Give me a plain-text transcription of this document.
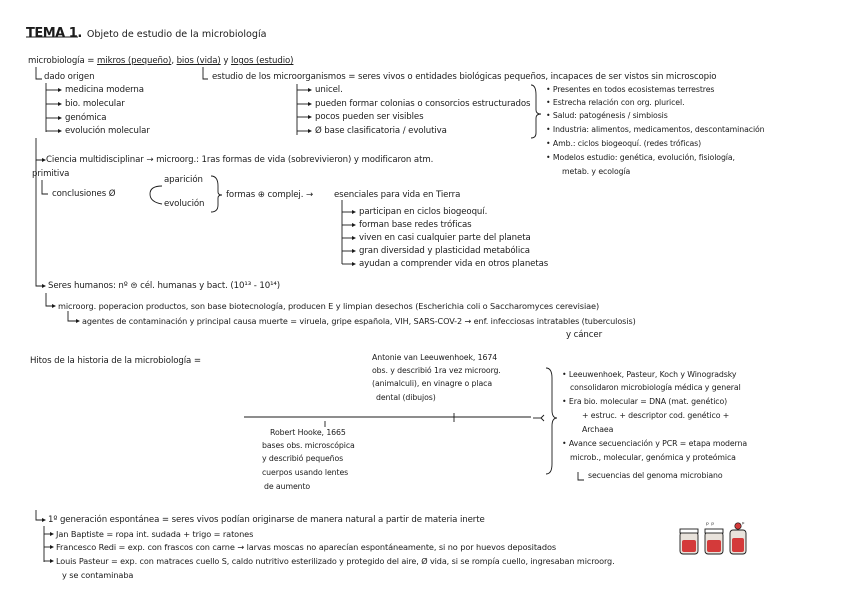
TEMA 1. Objeto de estudio de la microbiología
microbiología = mikros (pequeño), bios (vida) y logos (estudio)
dado origen	estudio de los microorganismos = seres vivos o entidades biológicas pequeños, incapaces de ser vistos sin microscopio
medicina moderna
bio. molecular
genómica
evolución molecular
unicel.
pueden formar colonias o consorcios estructurados
pocos pueden ser visibles
Ø base clasificatoria / evolutiva
• Presentes en todos ecosistemas terrestres
• Estrecha relación con org. pluricel.
• Salud: patogénesis / simbiosis
• Industria: alimentos, medicamentos, descontaminación
• Amb.: ciclos biogeoquí. (redes tróficas)
• Modelos estudio: genética, evolución, fisiología,
metab. y ecología
Ciencia multidisciplinar → microorg.: 1ras formas de vida (sobrevivieron) y modificaron atm.
primitiva
conclusiones Ø
aparición
evolución
formas ⊕ complej. → esenciales para vida en Tierra
participan en ciclos biogeoquí.
forman base redes tróficas
viven en casi cualquier parte del planeta
gran diversidad y plasticidad metabólica
ayudan a comprender vida en otros planetas
Seres humanos: nº ⊜ cél. humanas y bact. (10¹³ - 10¹⁴)
microorg. poperacion productos, son base biotecnología, producen E y limpian desechos (Escherichia coli o Saccharomyces cerevisiae)
agentes de contaminación y principal causa muerte = viruela, gripe española, VIH, SARS-COV-2 → enf. infecciosas intratables (tuberculosis)
y cáncer
Hitos de la historia de la microbiología =	Antonie van Leeuwenhoek, 1674
obs. y describió 1ra vez microorg.
(animalculi), en vinagre o placa
dental (dibujos)
Robert Hooke, 1665
bases obs. microscópica
y describió pequeños
cuerpos usando lentes
de aumento
• Leeuwenhoek, Pasteur, Koch y Winogradsky
consolidaron microbiología médica y general
• Era bio. molecular = DNA (mat. genético)
+ estruc. + descriptor cod. genético +
Archaea
• Avance secuenciación y PCR = etapa moderna
microb., molecular, genómica y proteómica
secuencias del genoma microbiano
1º generación espontánea = seres vivos podían originarse de manera natural a partir de materia inerte
Jan Baptiste = ropa int. sudada + trigo = ratones
Francesco Redi = exp. con frascos con carne → larvas moscas no aparecían espontáneamente, si no por huevos depositados
Louis Pasteur = exp. con matraces cuello S, caldo nutritivo esterilizado y protegido del aire, Ø vida, si se rompía cuello, ingresaban microorg.
y se contaminaba
ᵖ ᵖ	ᵖ
